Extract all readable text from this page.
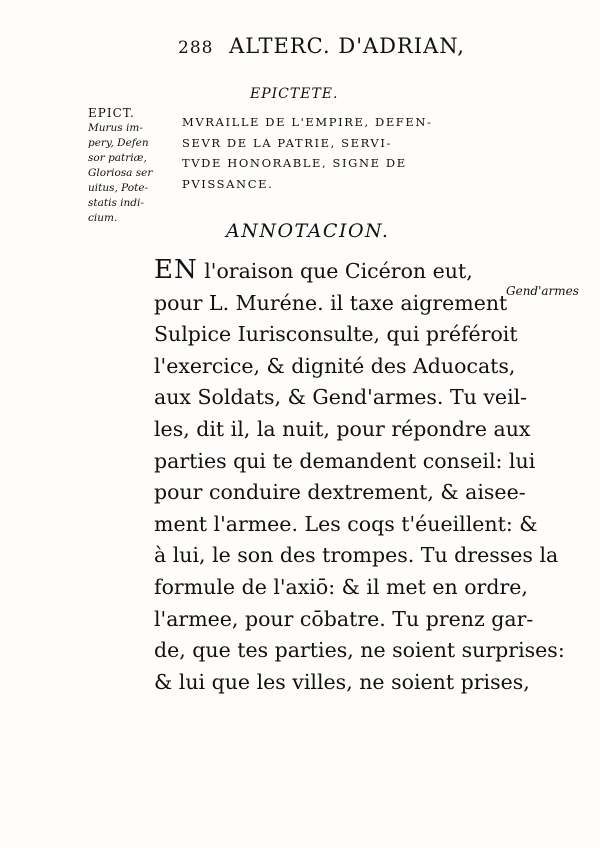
288 ALTERC. D'ADRIAN,
EPICTETE.
EPICT.
Murus im-
pery, Defen
sor patriæ,
Gloriosa ser
uitus, Pote-
statis indi-
cium.
MVRAILLE DE L'EMPIRE, DEFEN-
SEVR DE LA PATRIE, SERVI-
TVDE HONORABLE, SIGNE DE
PVISSANCE.
ANNOTACION.

EN l'oraison que Cicéron eut,

pour L. Muréne. il taxe aigrement

Sulpice Iurisconsulte, qui préféroit

l'exercice, & dignité des Aduocats,

aux Soldats, & Gend'armes. Tu veil-

les, dit il, la nuit, pour répondre aux

parties qui te demandent conseil: lui

pour conduire dextrement, & aisee-

ment l'armee. Les coqs t'éueillent: &

à lui, le son des trompes. Tu dresses la

formule de l'axiō: & il met en ordre,

l'armee, pour cōbatre. Tu prenz gar-

de, que tes parties, ne soient surprises:

& lui que les villes, ne soient prises,

Gend'armes
